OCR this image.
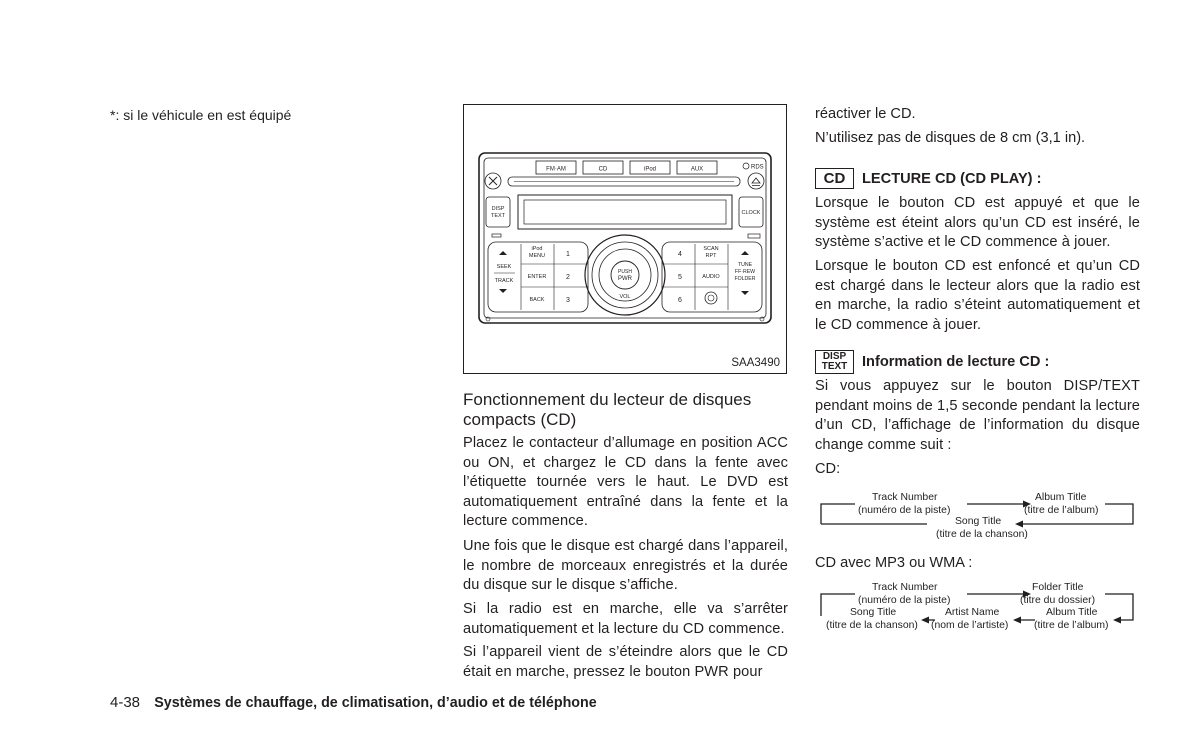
*: si le véhicule en est équipé
FM·AM	CD	iPod	AUX	RDS
DISP
TEXT	CLOCK
SEEK
TRACK
iPod
MENU
ENTER
BACK
1
2
3
4
5
6
SCAN
RPT
AUDIO
TUNE
FF·REW
FOLDER
PUSH
PWR
VOL
SAA3490
Fonctionnement du lecteur de disques
compacts (CD)

Placez le contacteur d’allumage en position ACC ou ON, et chargez le CD dans la fente avec l’étiquette tournée vers le haut. Le DVD est automatiquement entraîné dans la fente et la lecture commence.

Une fois que le disque est chargé dans l’appareil, le nombre de morceaux enregistrés et la durée du disque sur le disque s’affiche.

Si la radio est en marche, elle va s’arrêter automatiquement et la lecture du CD commence.

Si l’appareil vient de s’éteindre alors que le CD était en marche, pressez le bouton PWR pour

réactiver le CD.
N’utilisez pas de disques de 8 cm (3,1 in).
CD LECTURE CD (CD PLAY) :

Lorsque le bouton CD est appuyé et que le système est éteint alors qu’un CD est inséré, le système s’active et le CD commence à jouer.

Lorsque le bouton CD est enfoncé et qu’un CD est chargé dans le lecteur alors que la radio est en marche, la radio s’éteint automatiquement et le CD commence à jouer.

DISP
TEXT Information de lecture CD :

Si vous appuyez sur le bouton DISP/TEXT pendant moins de 1,5 seconde pendant la lecture d’un CD, l’affichage de l’information du disque change comme suit :

CD:
Track Number
(numéro de la piste)
Album Title
(titre de l’album)
Song Title
(titre de la chanson)
CD avec MP3 ou WMA :
Track Number
(numéro de la piste)
Folder Title
(titre du dossier)
Song Title
(titre de la chanson)
Artist Name
(nom de l’artiste)
Album Title
(titre de l’album)
4-38 Systèmes de chauffage, de climatisation, d’audio et de téléphone
